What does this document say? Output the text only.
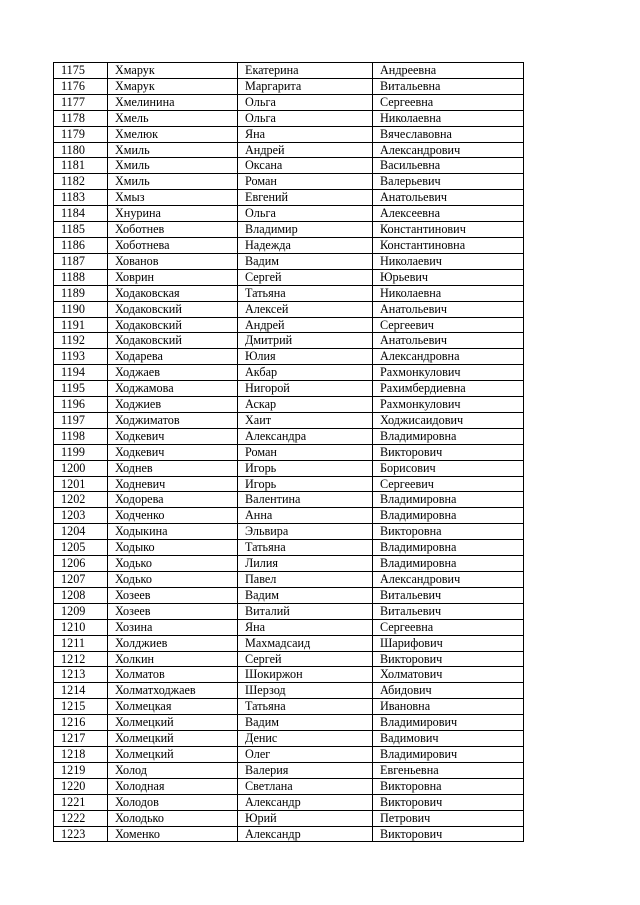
1175	Хмарук	Екатерина	Андреевна
1176	Хмарук	Маргарита	Витальевна
1177	Хмелинина	Ольга	Сергеевна
1178	Хмель	Ольга	Николаевна
1179	Хмелюк	Яна	Вячеславовна
1180	Хмиль	Андрей	Александрович
1181	Хмиль	Оксана	Васильевна
1182	Хмиль	Роман	Валерьевич
1183	Хмыз	Евгений	Анатольевич
1184	Хнурина	Ольга	Алексеевна
1185	Хоботнев	Владимир	Константинович
1186	Хоботнева	Надежда	Константиновна
1187	Хованов	Вадим	Николаевич
1188	Ховрин	Сергей	Юрьевич
1189	Ходаковская	Татьяна	Николаевна
1190	Ходаковский	Алексей	Анатольевич
1191	Ходаковский	Андрей	Сергеевич
1192	Ходаковский	Дмитрий	Анатольевич
1193	Ходарева	Юлия	Александровна
1194	Ходжаев	Акбар	Рахмонкулович
1195	Ходжамова	Нигорой	Рахимбердиевна
1196	Ходжиев	Аскар	Рахмонкулович
1197	Ходжиматов	Хаит	Ходжисаидович
1198	Ходкевич	Александра	Владимировна
1199	Ходкевич	Роман	Викторович
1200	Ходнев	Игорь	Борисович
1201	Ходневич	Игорь	Сергеевич
1202	Ходорева	Валентина	Владимировна
1203	Ходченко	Анна	Владимировна
1204	Ходыкина	Эльвира	Викторовна
1205	Ходыко	Татьяна	Владимировна
1206	Ходько	Лилия	Владимировна
1207	Ходько	Павел	Александрович
1208	Хозеев	Вадим	Витальевич
1209	Хозеев	Виталий	Витальевич
1210	Хозина	Яна	Сергеевна
1211	Холджиев	Махмадсаид	Шарифович
1212	Холкин	Сергей	Викторович
1213	Холматов	Шокиржон	Холматович
1214	Холматходжаев	Шерзод	Абидович
1215	Холмецкая	Татьяна	Ивановна
1216	Холмецкий	Вадим	Владимирович
1217	Холмецкий	Денис	Вадимович
1218	Холмецкий	Олег	Владимирович
1219	Холод	Валерия	Евгеньевна
1220	Холодная	Светлана	Викторовна
1221	Холодов	Александр	Викторович
1222	Холодько	Юрий	Петрович
1223	Хоменко	Александр	Викторович
